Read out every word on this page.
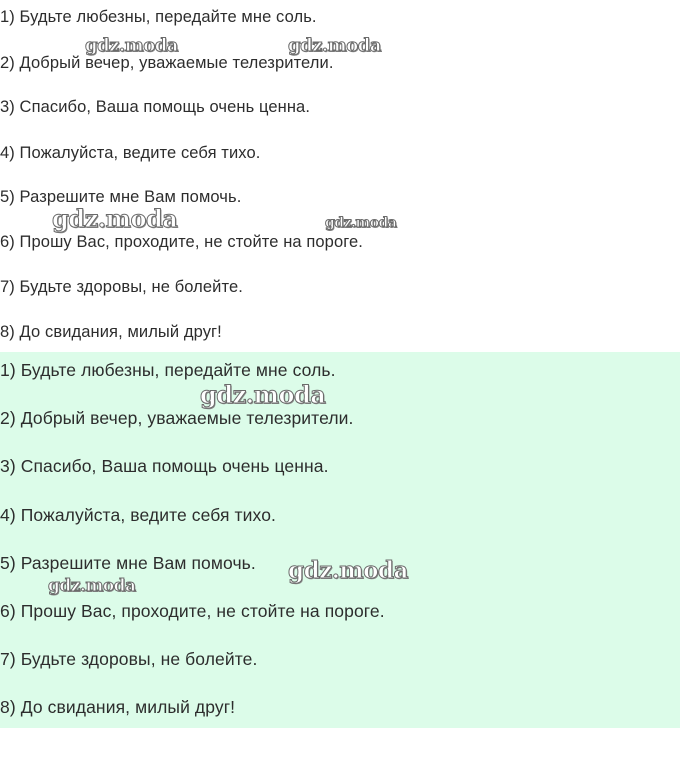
1) Будьте любезны, передайте мне соль.
2) Добрый вечер, уважаемые телезрители.
3) Спасибо, Ваша помощь очень ценна.
4) Пожалуйста, ведите себя тихо.
5) Разрешите мне Вам помочь.
6) Прошу Вас, проходите, не стойте на пороге.
7) Будьте здоровы, не болейте.
8) До свидания, милый друг!
1) Будьте любезны, передайте мне соль.
2) Добрый вечер, уважаемые телезрители.
3) Спасибо, Ваша помощь очень ценна.
4) Пожалуйста, ведите себя тихо.
5) Разрешите мне Вам помочь.
6) Прошу Вас, проходите, не стойте на пороге.
7) Будьте здоровы, не болейте.
8) До свидания, милый друг!
gdz.moda	gdz.moda
gdz.moda	gdz.moda
gdz.moda
gdz.moda
gdz.moda
